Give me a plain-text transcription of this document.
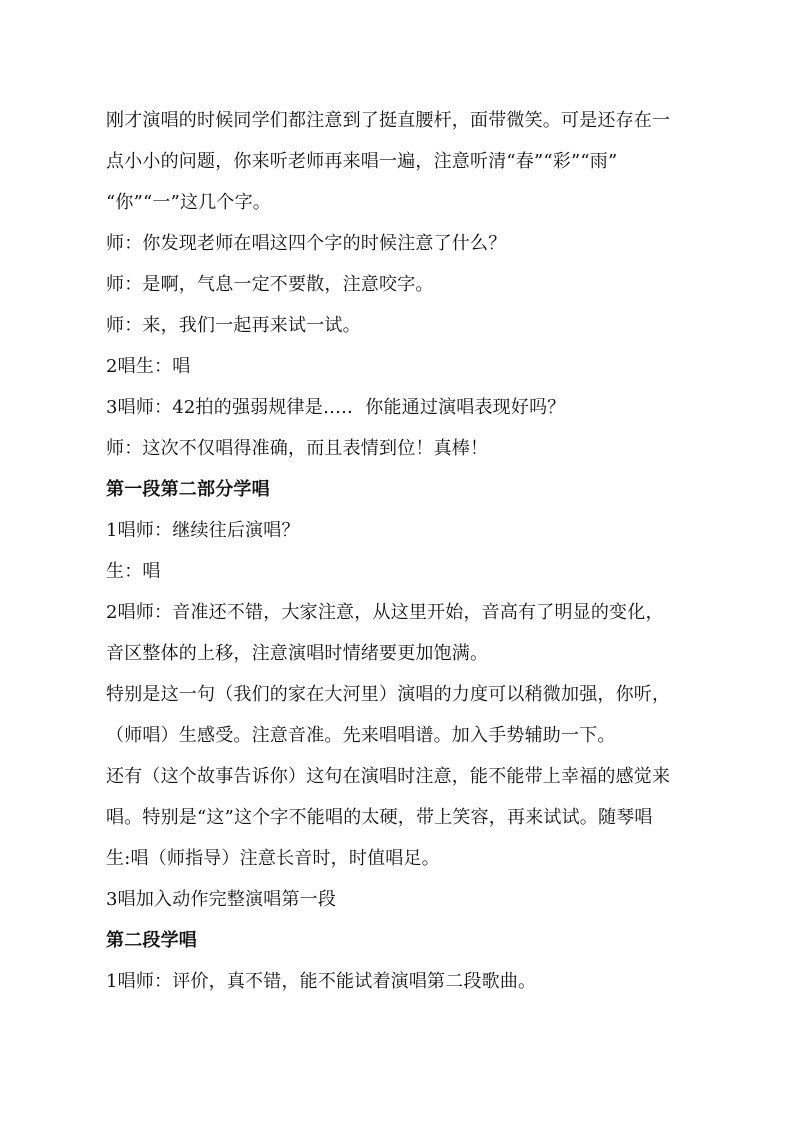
刚才演唱的时候同学们都注意到了挺直腰杆，面带微笑。可是还存在一
点小小的问题，你来听老师再来唱一遍，注意听清“春”“彩”“雨”
“你”“一”这几个字。
师：你发现老师在唱这四个字的时候注意了什么？
师：是啊，气息一定不要散，注意咬字。
师：来，我们一起再来试一试。
2唱生：唱
3唱师：42拍的强弱规律是….．你能通过演唱表现好吗？
师：这次不仅唱得准确，而且表情到位！真棒！
第一段第二部分学唱
1唱师：继续往后演唱？
生：唱
2唱师：音准还不错，大家注意，从这里开始，音高有了明显的变化，
音区整体的上移，注意演唱时情绪要更加饱满。
特别是这一句（我们的家在大河里）演唱的力度可以稍微加强，你听，
（师唱）生感受。注意音准。先来唱唱谱。加入手势辅助一下。
还有（这个故事告诉你）这句在演唱时注意，能不能带上幸福的感觉来
唱。特别是“这”这个字不能唱的太硬，带上笑容，再来试试。随琴唱
生:唱（师指导）注意长音时，时值唱足。
3唱加入动作完整演唱第一段
第二段学唱
1唱师：评价，真不错，能不能试着演唱第二段歌曲。
